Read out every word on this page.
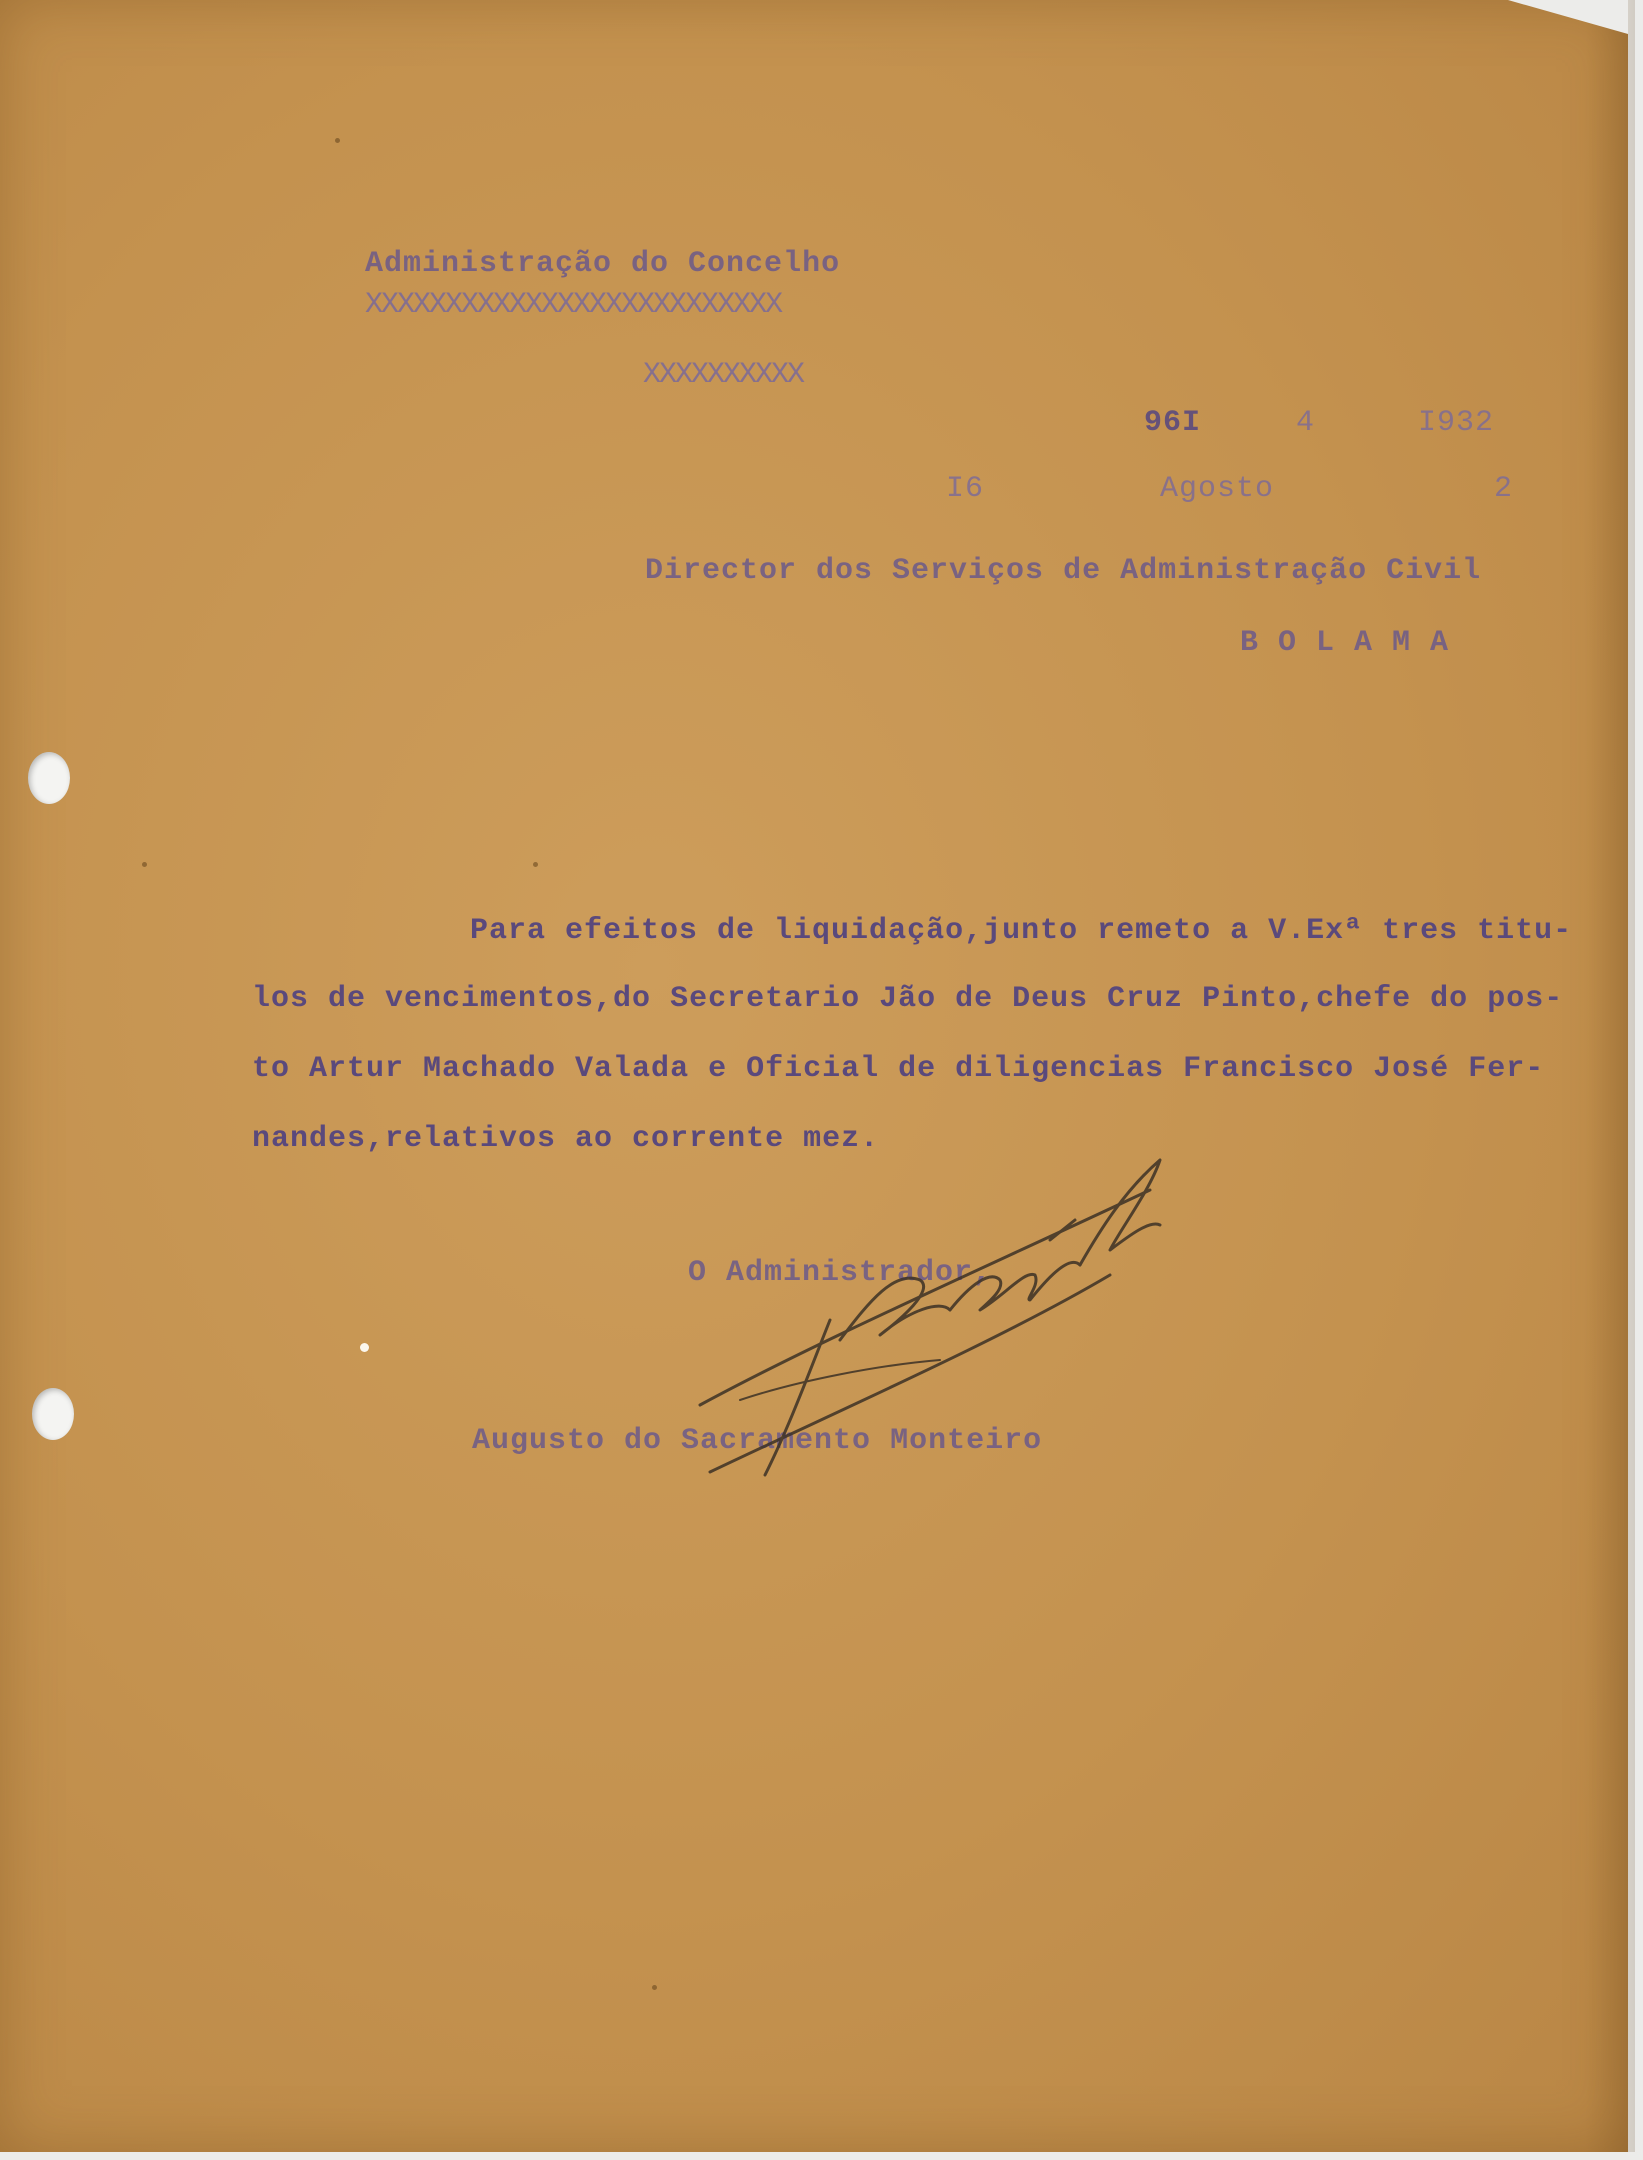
Administração do Concelho
XXXXXXXXXXXXXXXXXXXXXXXXXX
XXXXXXXXXX
96I	4	I932
I6	Agosto	2
Director dos Serviços de Administração Civil
B O L A M A
Para efeitos de liquidação,junto remeto a V.Exª tres titu-
los de vencimentos,do Secretario Jão de Deus Cruz Pinto,chefe do pos-
to Artur Machado Valada e Oficial de diligencias Francisco José Fer-
nandes,relativos ao corrente mez.
O Administrador,
Augusto do Sacramento Monteiro
